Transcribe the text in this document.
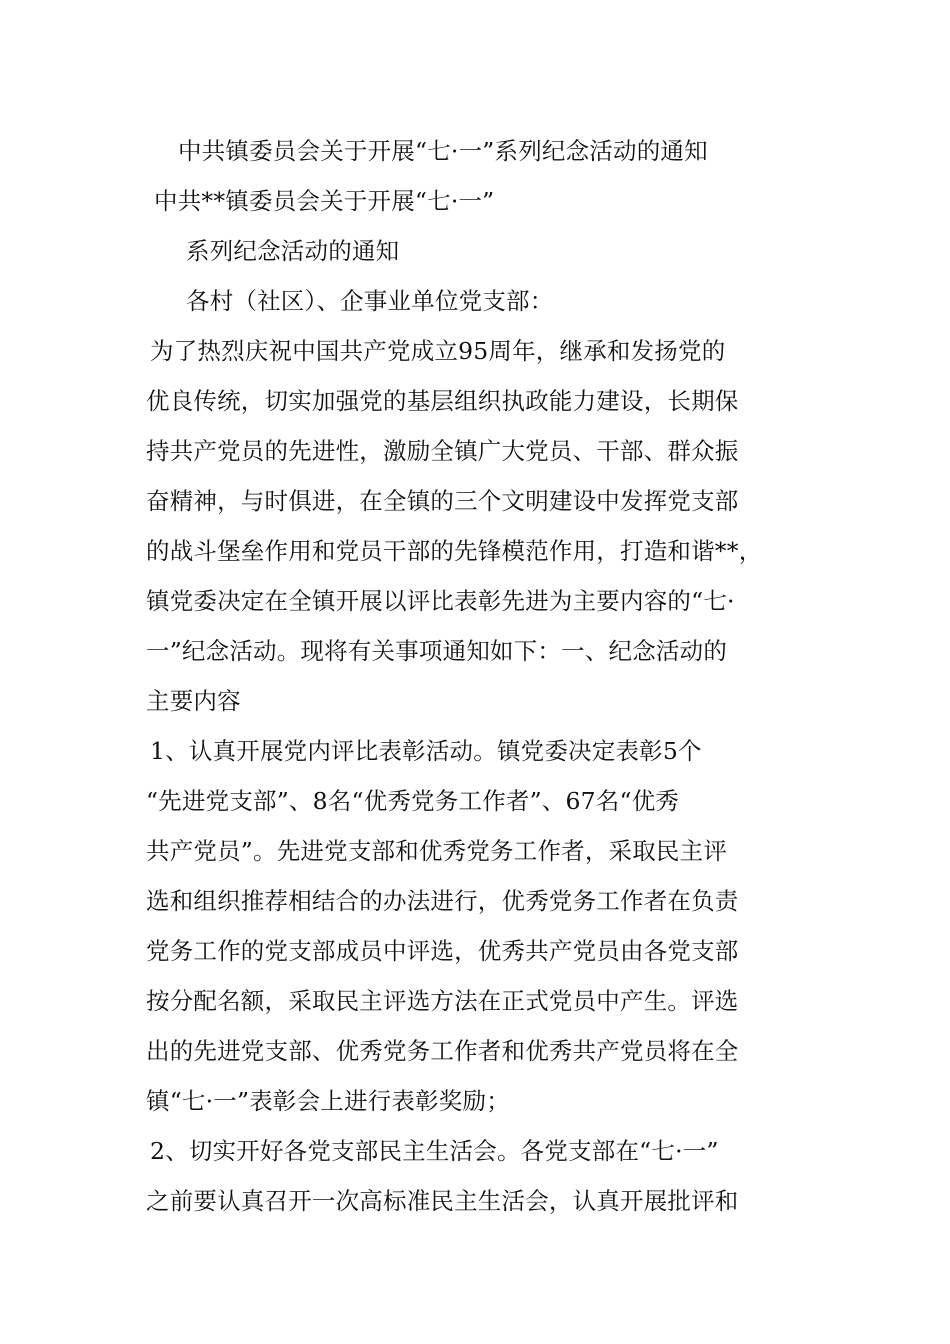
中共镇委员会关于开展“七·一”系列纪念活动的通知
中共**镇委员会关于开展“七·一”
系列纪念活动的通知
各村（社区）、企事业单位党支部：
为了热烈庆祝中国共产党成立95周年，继承和发扬党的
优良传统，切实加强党的基层组织执政能力建设，长期保
持共产党员的先进性，激励全镇广大党员、干部、群众振
奋精神，与时俱进，在全镇的三个文明建设中发挥党支部
的战斗堡垒作用和党员干部的先锋模范作用，打造和谐**，
镇党委决定在全镇开展以评比表彰先进为主要内容的“七·
一”纪念活动。现将有关事项通知如下：一、纪念活动的
主要内容
1、认真开展党内评比表彰活动。镇党委决定表彰5个
“先进党支部”、8名“优秀党务工作者”、67名“优秀
共产党员”。先进党支部和优秀党务工作者，采取民主评
选和组织推荐相结合的办法进行，优秀党务工作者在负责
党务工作的党支部成员中评选，优秀共产党员由各党支部
按分配名额，采取民主评选方法在正式党员中产生。评选
出的先进党支部、优秀党务工作者和优秀共产党员将在全
镇“七·一”表彰会上进行表彰奖励；
2、切实开好各党支部民主生活会。各党支部在“七·一”
之前要认真召开一次高标准民主生活会，认真开展批评和
